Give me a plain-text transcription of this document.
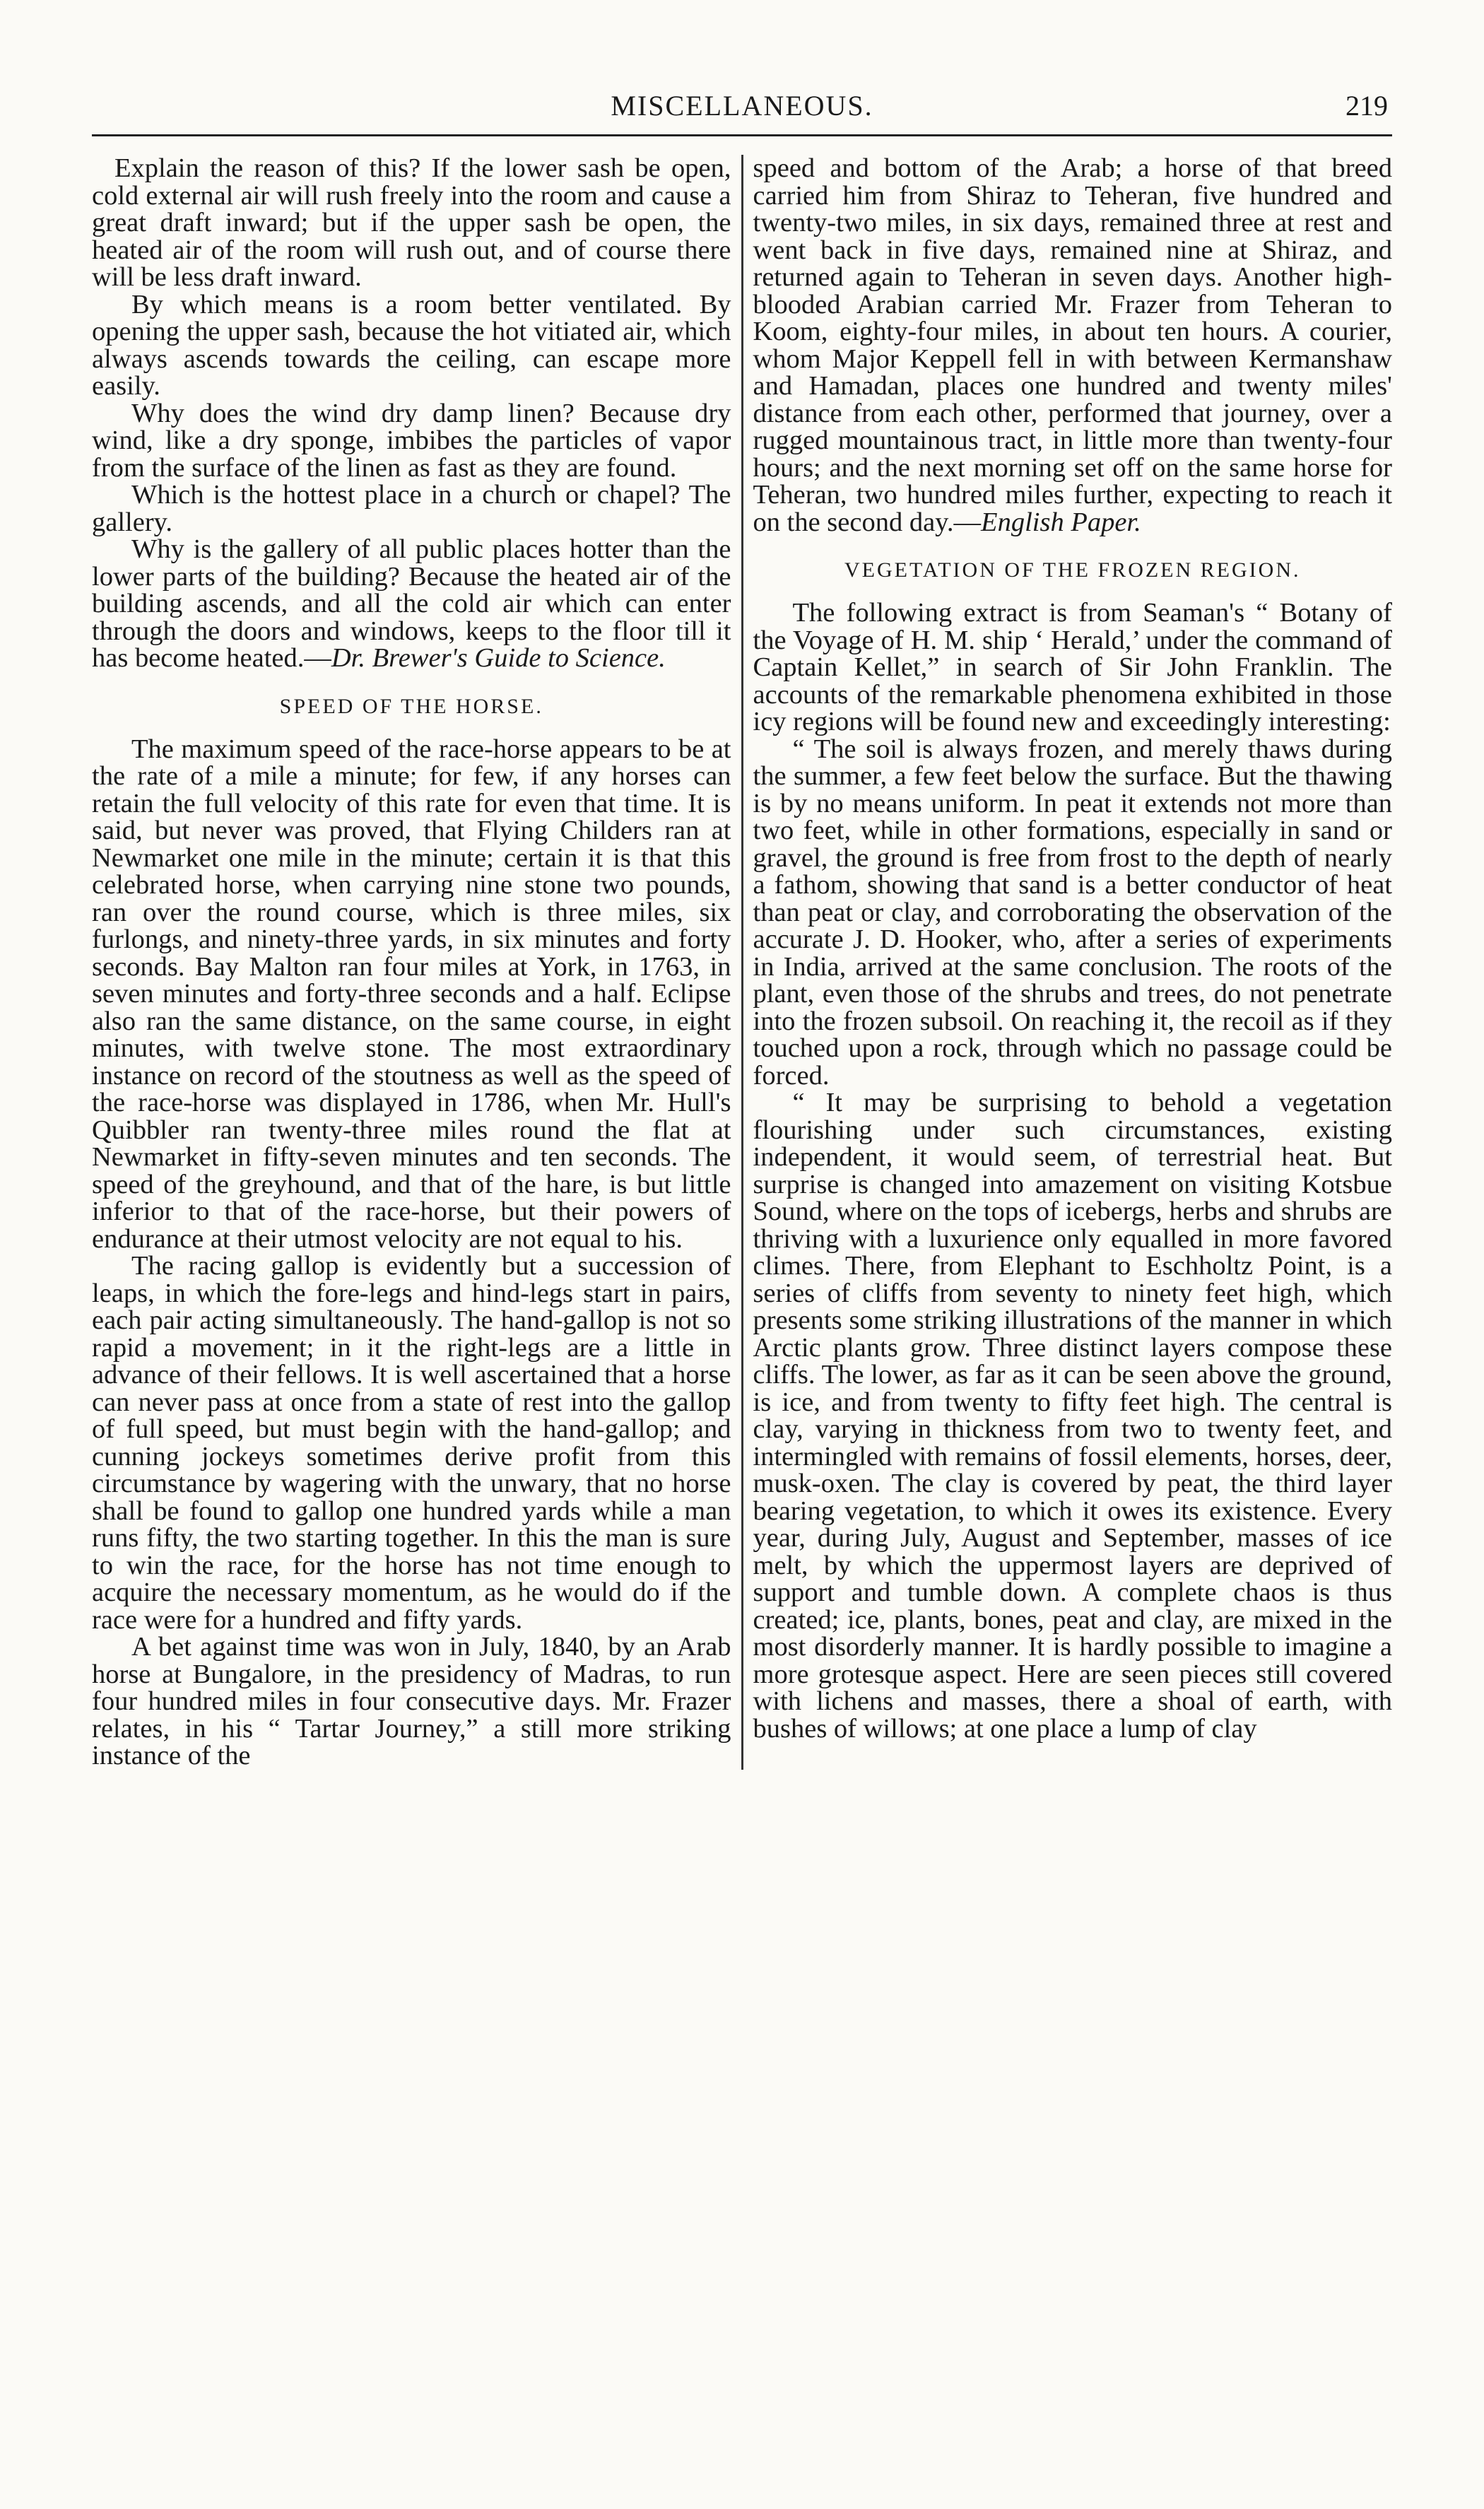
MISCELLANEOUS.	219

Explain the reason of this? If the lower sash be open, cold external air will rush freely into the room and cause a great draft inward; but if the upper sash be open, the heated air of the room will rush out, and of course there will be less draft inward.

By which means is a room better ventilated. By opening the upper sash, because the hot vitiated air, which always ascends towards the ceiling, can escape more easily.

Why does the wind dry damp linen? Because dry wind, like a dry sponge, imbibes the particles of vapor from the surface of the linen as fast as they are found.

Which is the hottest place in a church or chapel? The gallery.

Why is the gallery of all public places hotter than the lower parts of the building? Because the heated air of the building ascends, and all the cold air which can enter through the doors and windows, keeps to the floor till it has become heated.—Dr. Brewer's Guide to Science.

SPEED OF THE HORSE.

The maximum speed of the race-horse appears to be at the rate of a mile a minute; for few, if any horses can retain the full velocity of this rate for even that time. It is said, but never was proved, that Flying Childers ran at Newmarket one mile in the minute; certain it is that this celebrated horse, when carrying nine stone two pounds, ran over the round course, which is three miles, six furlongs, and ninety-three yards, in six minutes and forty seconds. Bay Malton ran four miles at York, in 1763, in seven minutes and forty-three seconds and a half. Eclipse also ran the same distance, on the same course, in eight minutes, with twelve stone. The most extraordinary instance on record of the stoutness as well as the speed of the race-horse was displayed in 1786, when Mr. Hull's Quibbler ran twenty-three miles round the flat at Newmarket in fifty-seven minutes and ten seconds. The speed of the greyhound, and that of the hare, is but little inferior to that of the race-horse, but their powers of endurance at their utmost velocity are not equal to his.

The racing gallop is evidently but a succession of leaps, in which the fore-legs and hind-legs start in pairs, each pair acting simultaneously. The hand-gallop is not so rapid a movement; in it the right-legs are a little in advance of their fellows. It is well ascertained that a horse can never pass at once from a state of rest into the gallop of full speed, but must begin with the hand-gallop; and cunning jockeys sometimes derive profit from this circumstance by wagering with the unwary, that no horse shall be found to gallop one hundred yards while a man runs fifty, the two starting together. In this the man is sure to win the race, for the horse has not time enough to acquire the necessary momentum, as he would do if the race were for a hundred and fifty yards.

A bet against time was won in July, 1840, by an Arab horse at Bungalore, in the presidency of Madras, to run four hundred miles in four consecutive days. Mr. Frazer relates, in his “ Tartar Journey,” a still more striking instance of the

speed and bottom of the Arab; a horse of that breed carried him from Shiraz to Teheran, five hundred and twenty-two miles, in six days, remained three at rest and went back in five days, remained nine at Shiraz, and returned again to Teheran in seven days. Another high-blooded Arabian carried Mr. Frazer from Teheran to Koom, eighty-four miles, in about ten hours. A courier, whom Major Keppell fell in with between Kermanshaw and Hamadan, places one hundred and twenty miles' distance from each other, performed that journey, over a rugged mountainous tract, in little more than twenty-four hours; and the next morning set off on the same horse for Teheran, two hundred miles further, expecting to reach it on the second day.—English Paper.

VEGETATION OF THE FROZEN REGION.

The following extract is from Seaman's “ Botany of the Voyage of H. M. ship ‘ Herald,’ under the command of Captain Kellet,” in search of Sir John Franklin. The accounts of the remarkable phenomena exhibited in those icy regions will be found new and exceedingly interesting:

“ The soil is always frozen, and merely thaws during the summer, a few feet below the surface. But the thawing is by no means uniform. In peat it extends not more than two feet, while in other formations, especially in sand or gravel, the ground is free from frost to the depth of nearly a fathom, showing that sand is a better conductor of heat than peat or clay, and corroborating the observation of the accurate J. D. Hooker, who, after a series of experiments in India, arrived at the same conclusion. The roots of the plant, even those of the shrubs and trees, do not penetrate into the frozen subsoil. On reaching it, the recoil as if they touched upon a rock, through which no passage could be forced.

“ It may be surprising to behold a vegetation flourishing under such circumstances, existing independent, it would seem, of terrestrial heat. But surprise is changed into amazement on visiting Kotsbue Sound, where on the tops of icebergs, herbs and shrubs are thriving with a luxurience only equalled in more favored climes. There, from Elephant to Eschholtz Point, is a series of cliffs from seventy to ninety feet high, which presents some striking illustrations of the manner in which Arctic plants grow. Three distinct layers compose these cliffs. The lower, as far as it can be seen above the ground, is ice, and from twenty to fifty feet high. The central is clay, varying in thickness from two to twenty feet, and intermingled with remains of fossil elements, horses, deer, musk-oxen. The clay is covered by peat, the third layer bearing vegetation, to which it owes its existence. Every year, during July, August and September, masses of ice melt, by which the uppermost layers are deprived of support and tumble down. A complete chaos is thus created; ice, plants, bones, peat and clay, are mixed in the most disorderly manner. It is hardly possible to imagine a more grotesque aspect. Here are seen pieces still covered with lichens and masses, there a shoal of earth, with bushes of willows; at one place a lump of clay
